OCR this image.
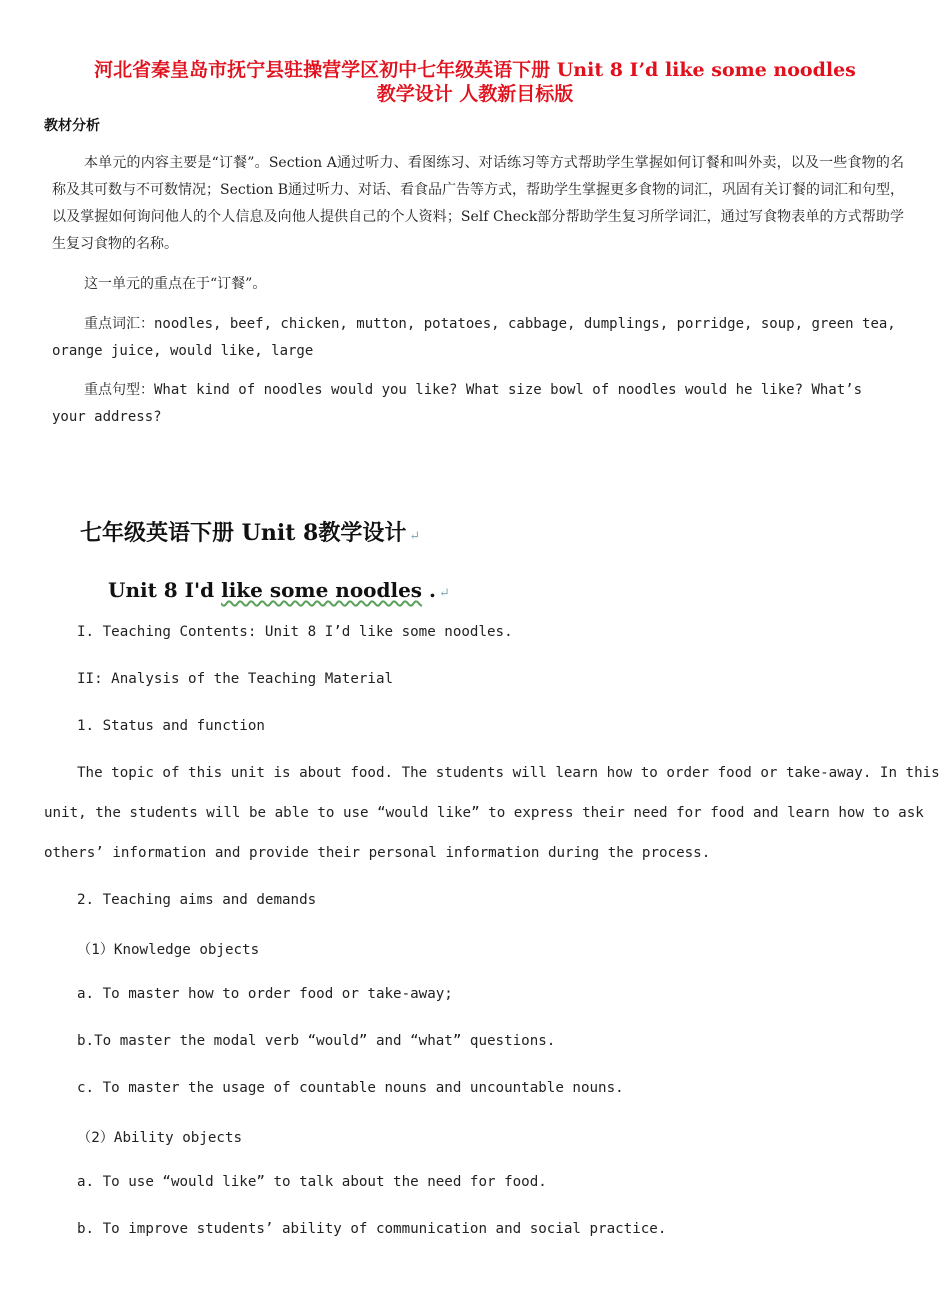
河北省秦皇岛市抚宁县驻操营学区初中七年级英语下册 Unit 8 I’d like some noodles
教学设计 人教新目标版
教材分析

本单元的内容主要是“订餐”。Section A通过听力、看图练习、对话练习等方式帮助学生掌握如何订餐和叫外卖，以及一些食物的名称及其可数与不可数情况；Section B通过听力、对话、看食品广告等方式，帮助学生掌握更多食物的词汇，巩固有关订餐的词汇和句型，以及掌握如何询问他人的个人信息及向他人提供自己的个人资料；Self Check部分帮助学生复习所学词汇，通过写食物表单的方式帮助学生复习食物的名称。

这一单元的重点在于“订餐”。

重点词汇：noodles, beef, chicken, mutton, potatoes, cabbage, dumplings, porridge, soup, green tea, orange juice, would like, large

重点句型：What kind of noodles would you like? What size bowl of noodles would he like? What’s your address?

七年级英语下册 Unit 8教学设计 ↵
Unit 8 I'd like some noodles . ↵

I. Teaching Contents: Unit 8 I’d like some noodles.

II: Analysis of the Teaching Material

1. Status and function

The topic of this unit is about food. The students will learn how to order food or take-away. In this

unit, the students will be able to use “would like” to express their need for food and learn how to ask

others’ information and provide their personal information during the process.

2. Teaching aims and demands

（1）Knowledge objects

a. To master how to order food or take-away;

b.To master the modal verb “would” and “what” questions.

c. To master the usage of countable nouns and uncountable nouns.

（2）Ability objects

a. To use “would like” to talk about the need for food.

b. To improve students’ ability of communication and social practice.
